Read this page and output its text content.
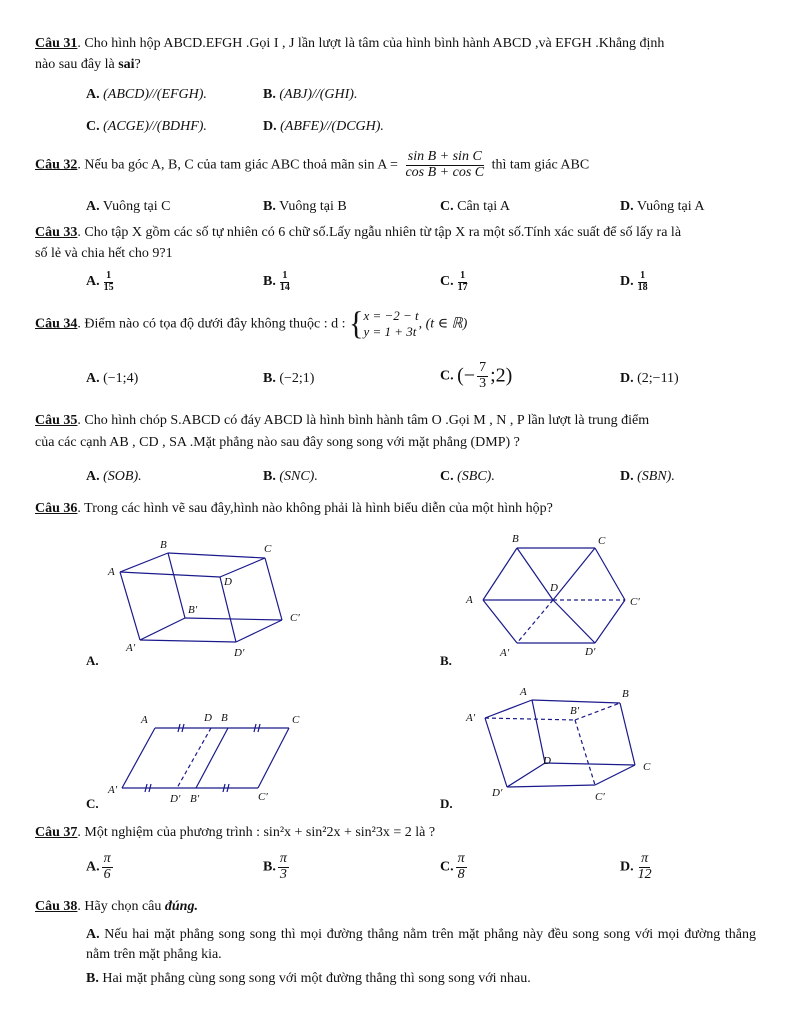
Câu 31. Cho hình hộp ABCD.EFGH .Gọi I , J lần lượt là tâm của hình bình hành ABCD ,và EFGH .Khẳng định
nào sau đây là sai?
A. (ABCD)//(EFGH).	B. (ABJ)//(GHI).
C. (ACGE)//(BDHF).	D. (ABFE)//(DCGH).
Câu 32. Nếu ba góc A, B, C của tam giác ABC thoả mãn $\sin A = \frac{\text{sin B + sin C}}{\text{cos B + cos C}}$ thì tam giác ABC
A. Vuông tại C	B. Vuông tại B	C. Cân tại A	D. Vuông tại A
Câu 33. Cho tập X gồm các số tự nhiên có 6 chữ số.Lấy ngẫu nhiên từ tập X ra một số.Tính xác suất để số lấy ra là
số lẻ và chia hết cho 9?1
A. $\frac{1}{15}$	B. $\frac{1}{14}$	C. $\frac{1}{17}$	D. $\frac{1}{18}$
Câu 34. Điểm nào có tọa độ dưới đây không thuộc : d : { x = −2 − t
y = 1 + 3t
, (t ∈ ℝ)
A. (−1;4)	B. (−2;1)	C. (− $\frac{7}{3}$ ;2)	D. (2;−11)
Câu 35. Cho hình chóp S.ABCD có đáy ABCD là hình bình hành tâm O .Gọi M , N , P lần lượt là trung điểm
của các cạnh AB , CD , SA .Mặt phẳng nào sau đây song song với mặt phẳng (DMP) ?
A. (SOB).	B. (SNC).	C. (SBC).	D. (SBN).
Câu 36. Trong các hình vẽ sau đây,hình nào không phải là hình biểu diễn của một hình hộp?
B	C
A
D
B′
C′
A′	D′
A.
B	C
A
D
C′
A′	D′
B.
A	D B	C
A′
D′ B′	C′
C.
A	B
A′
B′
D	C
D′	C′
D.
Câu 37. Một nghiệm của phương trình : sin²x + sin²2x + sin²3x = 2 là ?
A. $\frac{\pi}{6}$	B. $\frac{\pi}{3}$	C. $\frac{\pi}{8}$	D. $\frac{\pi}{12}$
Câu 38. Hãy chọn câu đúng.
A. Nếu hai mặt phẳng song song thì mọi đường thẳng nằm trên mặt phẳng này đều song song với mọi đường thẳng nằm trên mặt phẳng kia.
B. Hai mặt phẳng cùng song song với một đường thẳng thì song song với nhau.
